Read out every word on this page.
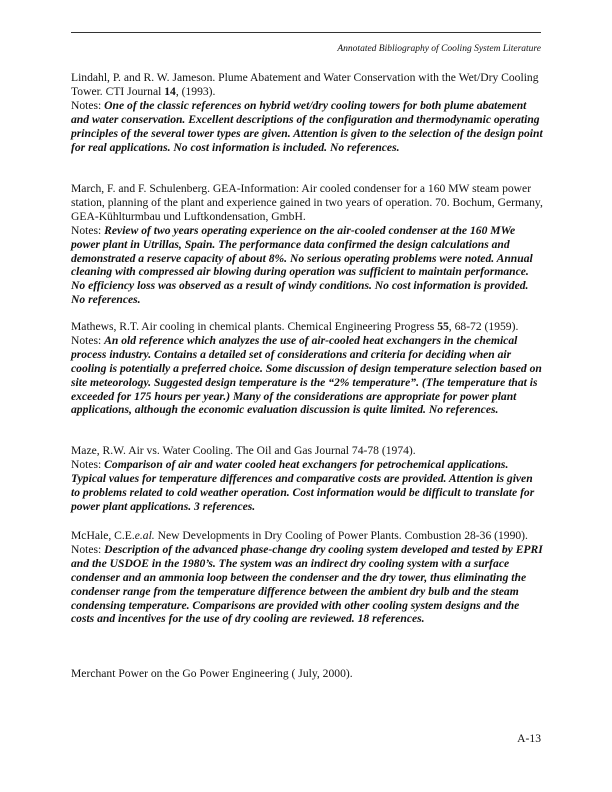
Annotated Bibliography of Cooling System Literature
Lindahl, P. and R. W. Jameson. Plume Abatement and Water Conservation with the Wet/Dry Cooling Tower. CTI Journal 14, (1993).
Notes: One of the classic references on hybrid wet/dry cooling towers for both plume abatement and water conservation. Excellent descriptions of the configuration and thermodynamic operating principles of the several tower types are given. Attention is given to the selection of the design point for real applications. No cost information is included. No references.
March, F. and F. Schulenberg. GEA-Information: Air cooled condenser for a 160 MW steam power station, planning of the plant and experience gained in two years of operation. 70. Bochum, Germany, GEA-Kühlturmbau und Luftkondensation, GmbH.
Notes: Review of two years operating experience on the air-cooled condenser at the 160 MWe power plant in Utrillas, Spain. The performance data confirmed the design calculations and demonstrated a reserve capacity of about 8%. No serious operating problems were noted. Annual cleaning with compressed air blowing during operation was sufficient to maintain performance. No efficiency loss was observed as a result of windy conditions. No cost information is provided. No references.
Mathews, R.T. Air cooling in chemical plants. Chemical Engineering Progress 55, 68-72 (1959).
Notes: An old reference which analyzes the use of air-cooled heat exchangers in the chemical process industry. Contains a detailed set of considerations and criteria for deciding when air cooling is potentially a preferred choice. Some discussion of design temperature selection based on site meteorology. Suggested design temperature is the “2% temperature”. (The temperature that is exceeded for 175 hours per year.) Many of the considerations are appropriate for power plant applications, although the economic evaluation discussion is quite limited. No references.
Maze, R.W. Air vs. Water Cooling. The Oil and Gas Journal 74-78 (1974).
Notes: Comparison of air and water cooled heat exchangers for petrochemical applications. Typical values for temperature differences and comparative costs are provided. Attention is given to problems related to cold weather operation. Cost information would be difficult to translate for power plant applications. 3 references.
McHale, C.E.e.al. New Developments in Dry Cooling of Power Plants. Combustion 28-36 (1990).
Notes: Description of the advanced phase-change dry cooling system developed and tested by EPRI and the USDOE in the 1980’s. The system was an indirect dry cooling system with a surface condenser and an ammonia loop between the condenser and the dry tower, thus eliminating the condenser range from the temperature difference between the ambient dry bulb and the steam condensing temperature. Comparisons are provided with other cooling system designs and the costs and incentives for the use of dry cooling are reviewed. 18 references.
Merchant Power on the Go Power Engineering ( July, 2000).
A-13
